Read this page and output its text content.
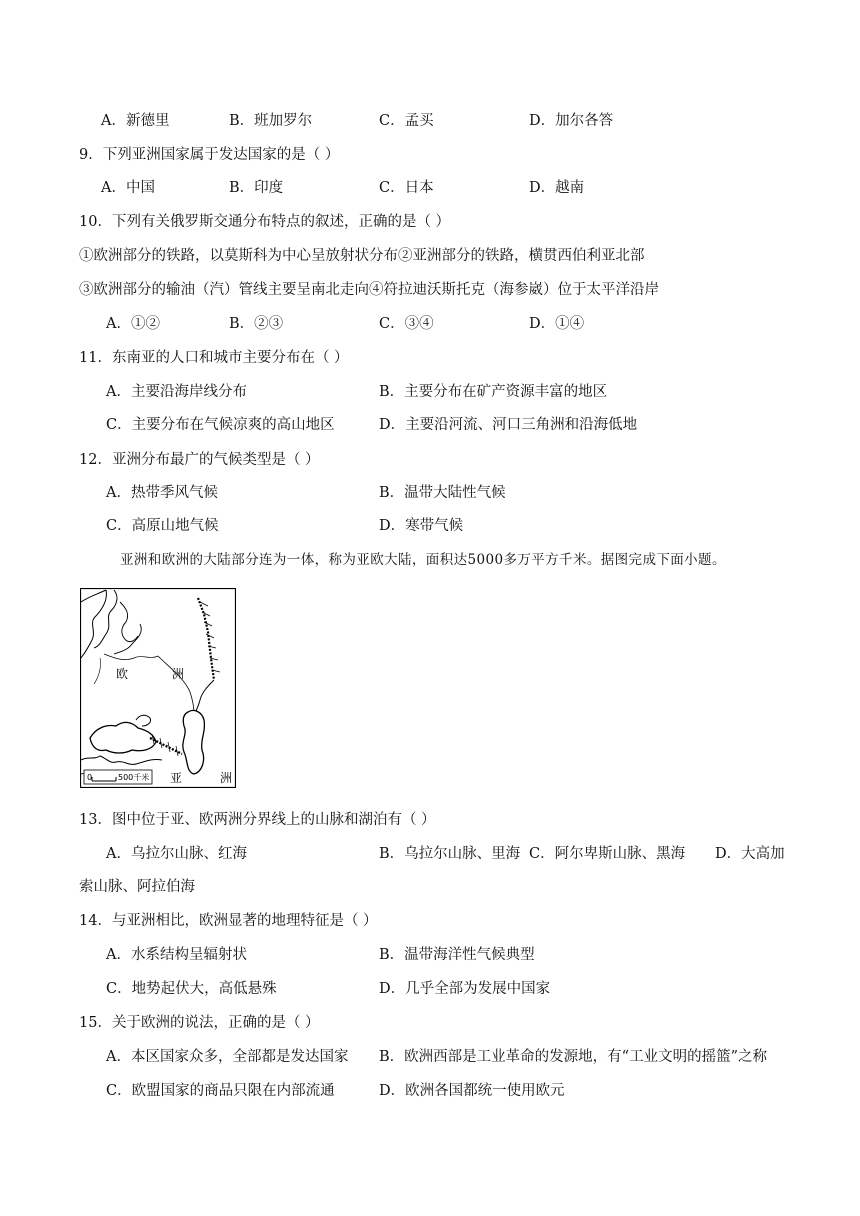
A．新德里	B．班加罗尔	C．孟买	D．加尔各答
9．下列亚洲国家属于发达国家的是（ ）
A．中国	B．印度	C．日本	D．越南
10．下列有关俄罗斯交通分布特点的叙述，正确的是（ ）
①欧洲部分的铁路，以莫斯科为中心呈放射状分布②亚洲部分的铁路，横贯西伯利亚北部
③欧洲部分的输油（汽）管线主要呈南北走向④符拉迪沃斯托克（海参崴）位于太平洋沿岸
A．①②	B．②③	C．③④	D．①④
11．东南亚的人口和城市主要分布在（ ）
A．主要沿海岸线分布	B．主要分布在矿产资源丰富的地区
C．主要分布在气候凉爽的高山地区	D．主要沿河流、河口三角洲和沿海低地
12．亚洲分布最广的气候类型是（ ）
A．热带季风气候	B．温带大陆性气候
C．高原山地气候	D．寒带气候
亚洲和欧洲的大陆部分连为一体，称为亚欧大陆，面积达5000多万平方千米。据图完成下面小题。
欧	洲
亚	洲
0	500千米
13．图中位于亚、欧两洲分界线上的山脉和湖泊有（ ）
A．乌拉尔山脉、红海	B．乌拉尔山脉、里海 C．阿尔卑斯山脉、黑海 D．大高加
索山脉、阿拉伯海
14．与亚洲相比，欧洲显著的地理特征是（ ）
A．水系结构呈辐射状	B．温带海洋性气候典型
C．地势起伏大，高低悬殊	D．几乎全部为发展中国家
15．关于欧洲的说法，正确的是（ ）
A．本区国家众多，全部都是发达国家 B．欧洲西部是工业革命的发源地，有“工业文明的摇篮”之称
C．欧盟国家的商品只限在内部流通	D．欧洲各国都统一使用欧元
